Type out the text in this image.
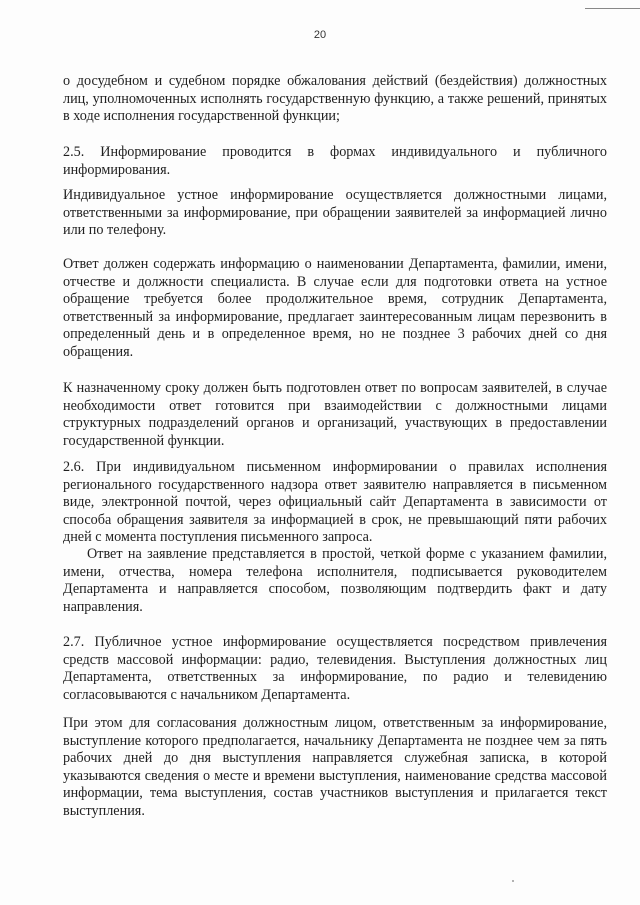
20

о досудебном и судебном порядке обжалования действий (бездействия) должностных лиц, уполномоченных исполнять государственную функцию, а также решений, принятых в ходе исполнения государственной функции;

2.5. Информирование проводится в формах индивидуального и публичного информирования.

Индивидуальное устное информирование осуществляется должностными лицами, ответственными за информирование, при обращении заявителей за информацией лично или по телефону.

Ответ должен содержать информацию о наименовании Департамента, фамилии, имени, отчестве и должности специалиста. В случае если для подготовки ответа на устное обращение требуется более продолжительное время, сотрудник Департамента, ответственный за информирование, предлагает заинтересованным лицам перезвонить в определенный день и в определенное время, но не позднее 3 рабочих дней со дня обращения.

К назначенному сроку должен быть подготовлен ответ по вопросам заявителей, в случае необходимости ответ готовится при взаимодействии с должностными лицами структурных подразделений органов и организаций, участвующих в предоставлении государственной функции.

2.6. При индивидуальном письменном информировании о правилах исполнения регионального государственного надзора ответ заявителю направляется в письменном виде, электронной почтой, через официальный сайт Департамента в зависимости от способа обращения заявителя за информацией в срок, не превышающий пяти рабочих дней с момента поступления письменного запроса.

Ответ на заявление представляется в простой, четкой форме с указанием фамилии, имени, отчества, номера телефона исполнителя, подписывается руководителем Департамента и направляется способом, позволяющим подтвердить факт и дату направления.

2.7. Публичное устное информирование осуществляется посредством привлечения средств массовой информации: радио, телевидения. Выступления должностных лиц Департамента, ответственных за информирование, по радио и телевидению согласовываются с начальником Департамента.

При этом для согласования должностным лицом, ответственным за информирование, выступление которого предполагается, начальнику Департамента не позднее чем за пять рабочих дней до дня выступления направляется служебная записка, в которой указываются сведения о месте и времени выступления, наименование средства массовой информации, тема выступления, состав участников выступления и прилагается текст выступления.
